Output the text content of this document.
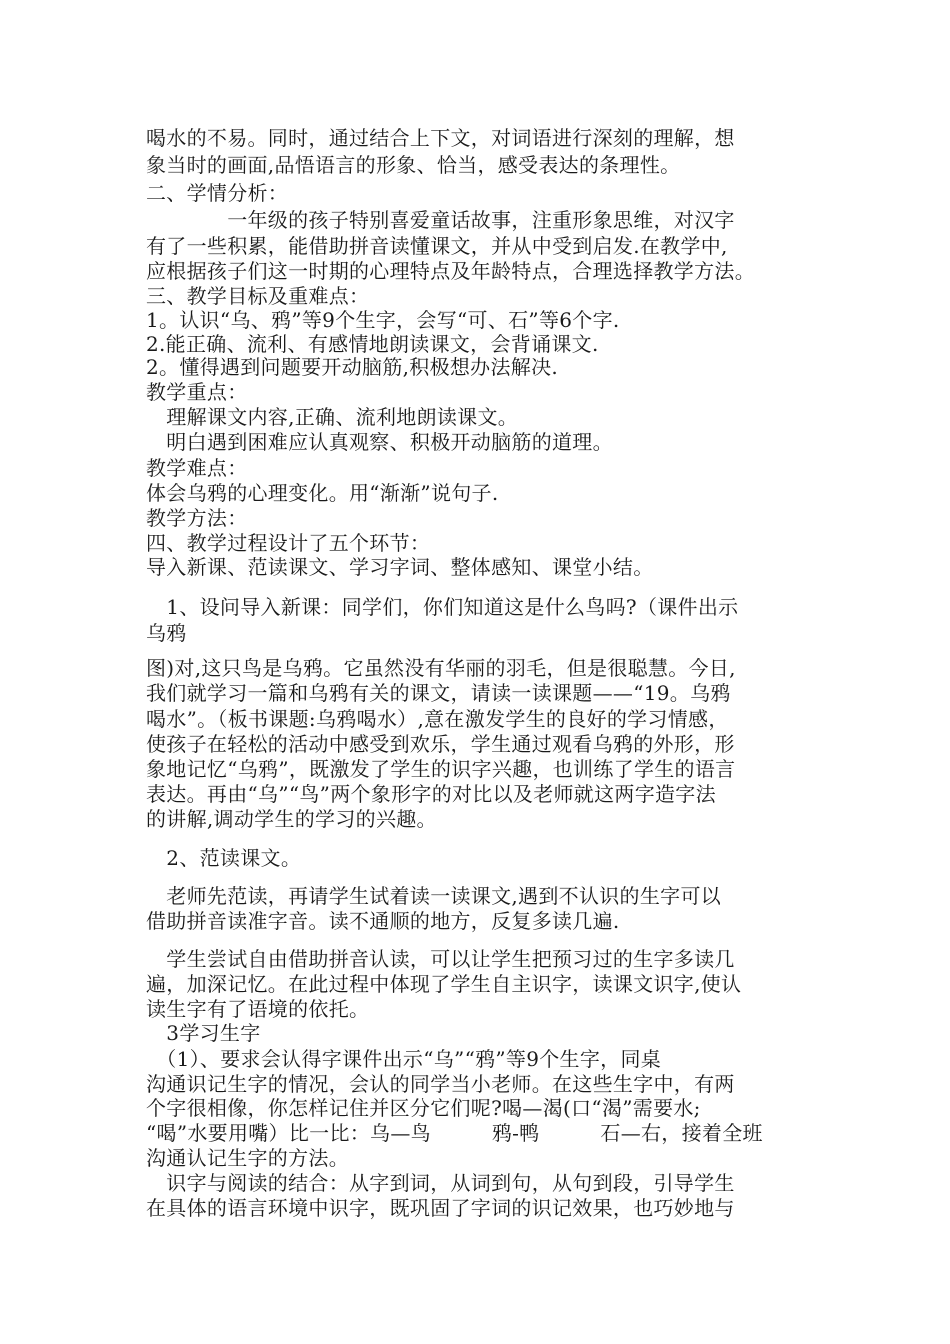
喝水的不易。同时，通过结合上下文，对词语进行深刻的理解，想

象当时的画面,品悟语言的形象、恰当，感受表达的条理性。

二、学情分析：

　　　　一年级的孩子特别喜爱童话故事，注重形象思维，对汉字

有了一些积累，能借助拼音读懂课文，并从中受到启发.在教学中,

应根据孩子们这一时期的心理特点及年龄特点，合理选择教学方法。

三、教学目标及重难点：

1。认识“乌、鸦”等9个生字，会写“可、石”等6个字.

2.能正确、流利、有感情地朗读课文，会背诵课文.

2。懂得遇到问题要开动脑筋,积极想办法解决.

教学重点：

　理解课文内容,正确、流利地朗读课文。

　明白遇到困难应认真观察、积极开动脑筋的道理。

教学难点：

体会乌鸦的心理变化。用“渐渐”说句子.

教学方法：

四、教学过程设计了五个环节：

导入新课、范读课文、学习字词、整体感知、课堂小结。

　1、设问导入新课：同学们，你们知道这是什么鸟吗?（课件出示

乌鸦

图)对,这只鸟是乌鸦。它虽然没有华丽的羽毛，但是很聪慧。今日,

我们就学习一篇和乌鸦有关的课文，请读一读课题——“19。乌鸦

喝水”。（板书课题:乌鸦喝水）,意在激发学生的良好的学习情感，

使孩子在轻松的活动中感受到欢乐，学生通过观看乌鸦的外形，形

象地记忆“乌鸦”，既激发了学生的识字兴趣，也训练了学生的语言

表达。再由“乌”“鸟”两个象形字的对比以及老师就这两字造字法

的讲解,调动学生的学习的兴趣。

　2、范读课文。

　老师先范读，再请学生试着读一读课文,遇到不认识的生字可以

借助拼音读准字音。读不通顺的地方，反复多读几遍.

　学生尝试自由借助拼音认读，可以让学生把预习过的生字多读几

遍，加深记忆。在此过程中体现了学生自主识字，读课文识字,使认

读生字有了语境的依托。

　3学习生字

　（1）、要求会认得字课件出示“乌”“鸦”等9个生字，同桌

沟通识记生字的情况，会认的同学当小老师。在这些生字中，有两

个字很相像，你怎样记住并区分它们呢?喝—渴(口“渴”需要水;

“喝”水要用嘴）比一比：乌—鸟　　　鸦-鸭　　　石—右，接着全班

沟通认记生字的方法。

　识字与阅读的结合：从字到词，从词到句，从句到段，引导学生

在具体的语言环境中识字，既巩固了字词的识记效果，也巧妙地与
